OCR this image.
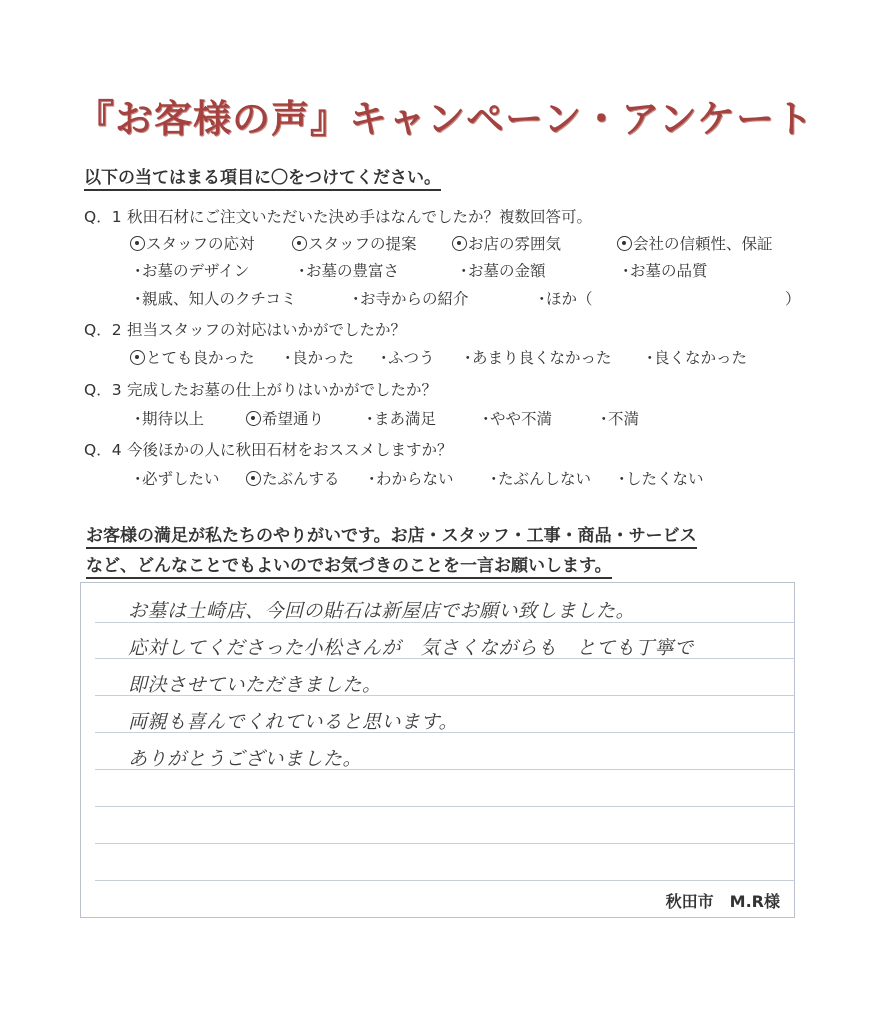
『お客様の声』キャンペーン・アンケート
以下の当てはまる項目に〇をつけてください。
Q．1 秋田石材にご注文いただいた決め手はなんでしたか？複数回答可。
スタッフの応対	スタッフの提案	お店の雰囲気	会社の信頼性、保証
・お墓のデザイン	・お墓の豊富さ	・お墓の金額	・お墓の品質
・親戚、知人のクチコミ	・お寺からの紹介	・ほか（	）
Q．2 担当スタッフの対応はいかがでしたか？
とても良かった ・良かった ・ふつう ・あまり良くなかった ・良くなかった
Q．3 完成したお墓の仕上がりはいかがでしたか？
・期待以上	希望通り ・まあ満足	・やや不満	・不満
Q．4 今後ほかの人に秋田石材をおススメしますか？
・必ずしたい	たぶんする ・わからない ・たぶんしない ・したくない
お客様の満足が私たちのやりがいです。お店・スタッフ・工事・商品・サービス
など、どんなことでもよいのでお気づきのことを一言お願いします。
お墓は土崎店、今回の貼石は新屋店でお願い致しました。
応対してくださった小松さんが　気さくながらも　とても丁寧で
即決させていただきました。
両親も喜んでくれていると思います。
ありがとうございました。
秋田市　M.R様
